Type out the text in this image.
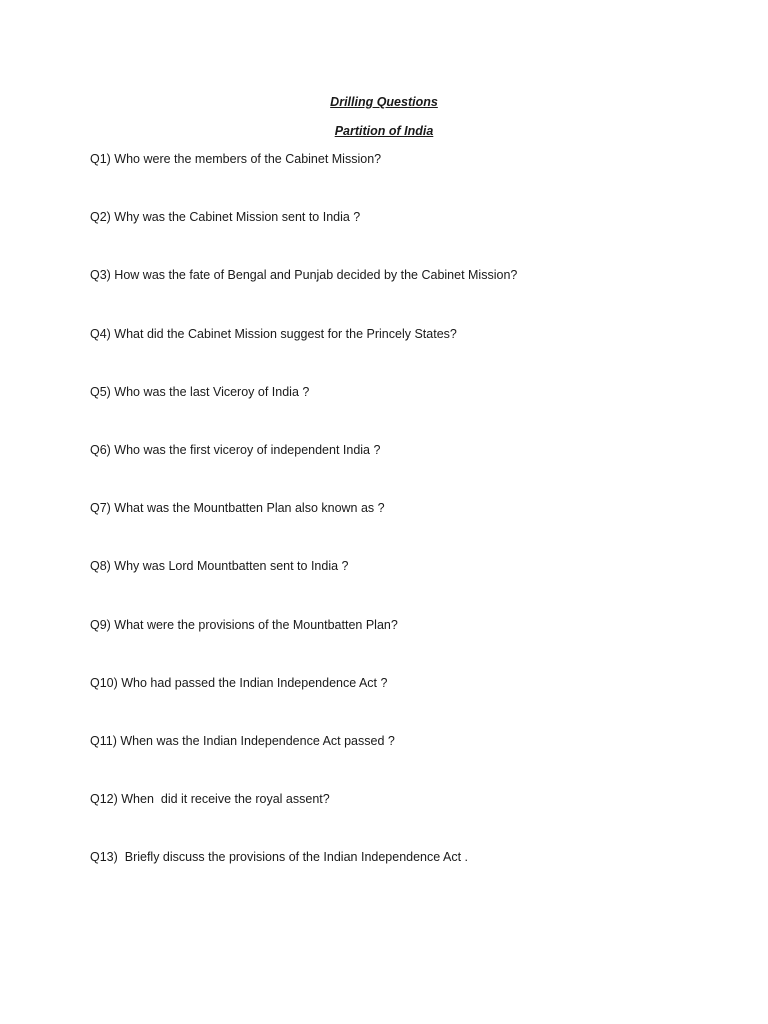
Drilling Questions
Partition of India
Q1) Who were the members of the Cabinet Mission?
Q2) Why was the Cabinet Mission sent to India ?
Q3) How was the fate of Bengal and Punjab decided by the Cabinet Mission?
Q4) What did the Cabinet Mission suggest for the Princely States?
Q5) Who was the last Viceroy of India ?
Q6) Who was the first viceroy of independent India ?
Q7) What was the Mountbatten Plan also known as ?
Q8) Why was Lord Mountbatten sent to India ?
Q9) What were the provisions of the Mountbatten Plan?
Q10) Who had passed the Indian Independence Act ?
Q11) When was the Indian Independence Act passed ?
Q12) When  did it receive the royal assent?
Q13)  Briefly discuss the provisions of the Indian Independence Act .
